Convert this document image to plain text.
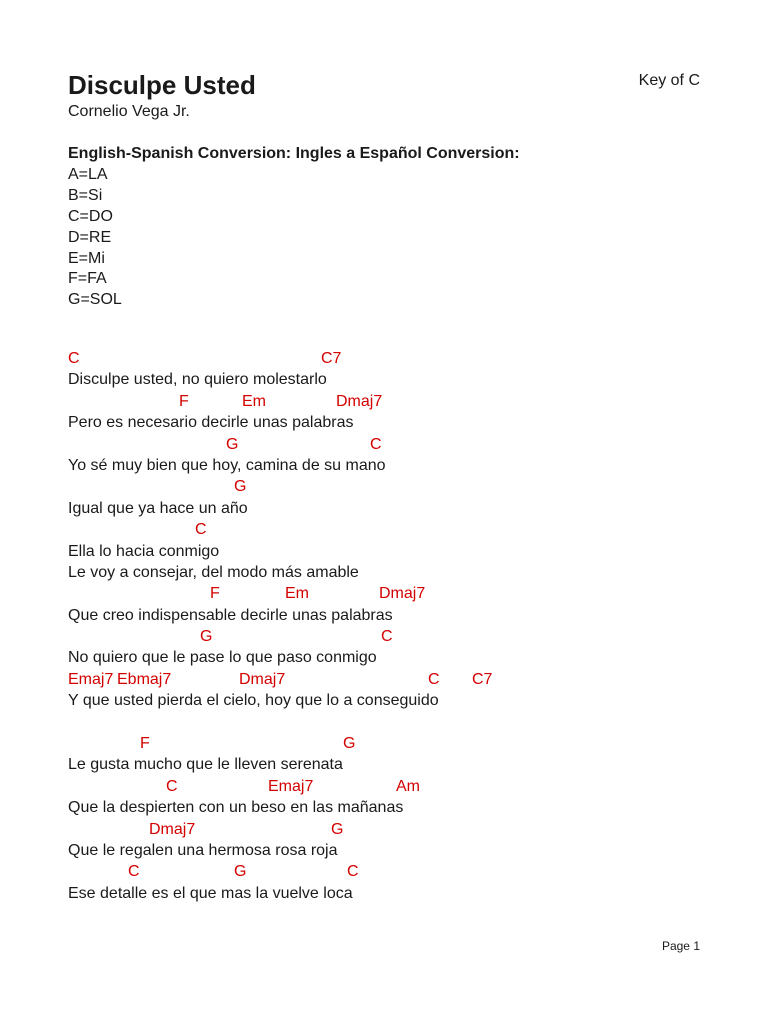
Disculpe Usted	Key of C
Cornelio Vega Jr.
English-Spanish Conversion: Ingles a Español Conversion:
A=LA
B=Si
C=DO
D=RE
E=Mi
F=FA
G=SOL
C	C7
Disculpe usted, no quiero molestarlo
F	Em	Dmaj7
Pero es necesario decirle unas palabras
G	C
Yo sé muy bien que hoy, camina de su mano
G
Igual que ya hace un año
C
Ella lo hacia conmigo
Le voy a consejar, del modo más amable
F	Em	Dmaj7
Que creo indispensable decirle unas palabras
G	C
No quiero que le pase lo que paso conmigo
Emaj7 Ebmaj7	Dmaj7	C C7
Y que usted pierda el cielo, hoy que lo a conseguido
F	G
Le gusta mucho que le lleven serenata
C	Emaj7	Am
Que la despierten con un beso en las mañanas
Dmaj7	G
Que le regalen una hermosa rosa roja
C	G	C
Ese detalle es el que mas la vuelve loca
Page 1
